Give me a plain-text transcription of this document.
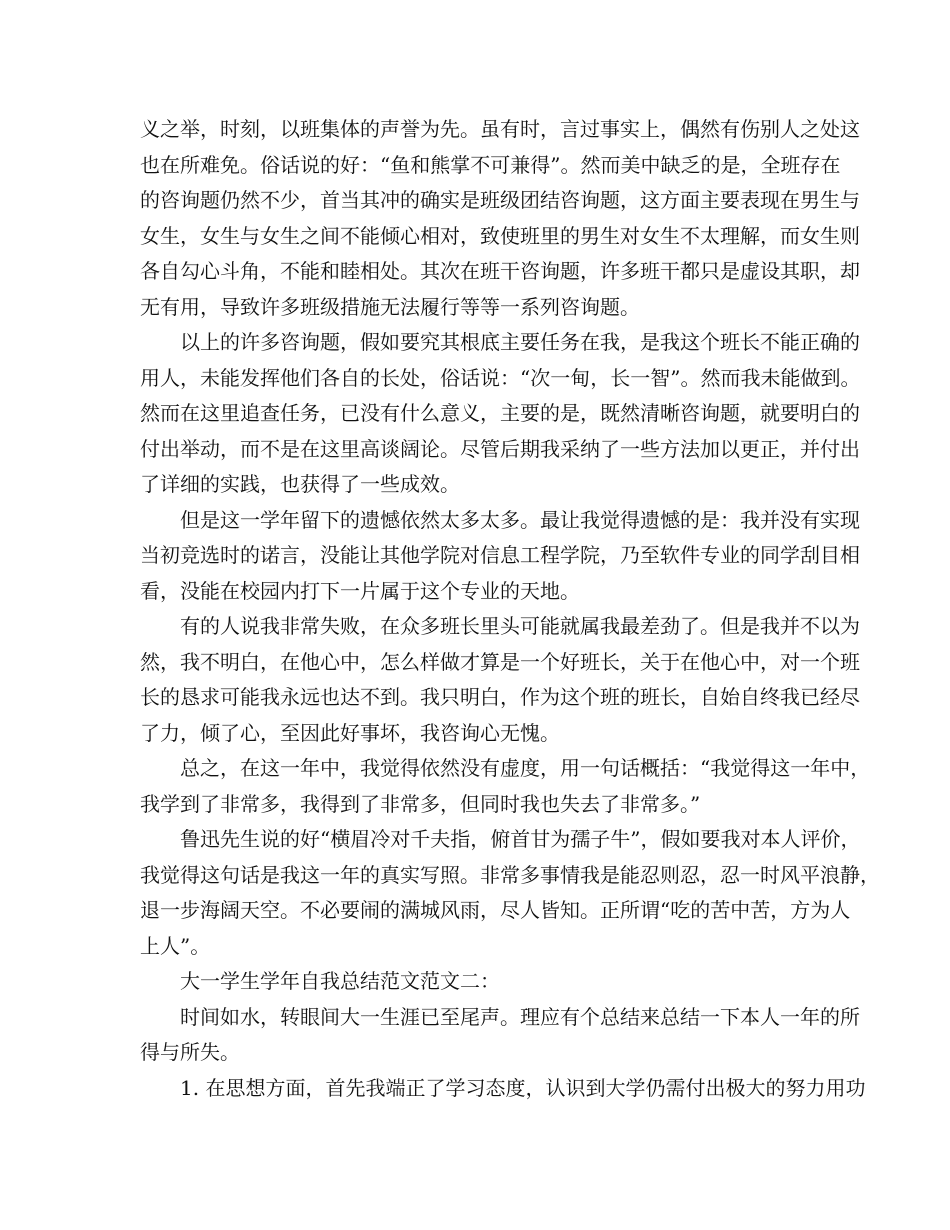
义之举，时刻，以班集体的声誉为先。虽有时，言过事实上，偶然有伤别人之处这
也在所难免。俗话说的好：“鱼和熊掌不可兼得”。然而美中缺乏的是，全班存在
的咨询题仍然不少，首当其冲的确实是班级团结咨询题，这方面主要表现在男生与
女生，女生与女生之间不能倾心相对，致使班里的男生对女生不太理解，而女生则
各自勾心斗角，不能和睦相处。其次在班干咨询题，许多班干都只是虚设其职，却
无有用，导致许多班级措施无法履行等等一系列咨询题。

以上的许多咨询题，假如要究其根底主要任务在我，是我这个班长不能正确的
用人，未能发挥他们各自的长处，俗话说：“次一甸，长一智”。然而我未能做到。
然而在这里追查任务，已没有什么意义，主要的是，既然清晰咨询题，就要明白的
付出举动，而不是在这里高谈阔论。尽管后期我采纳了一些方法加以更正，并付出
了详细的实践，也获得了一些成效。

但是这一学年留下的遗憾依然太多太多。最让我觉得遗憾的是：我并没有实现
当初竞选时的诺言，没能让其他学院对信息工程学院，乃至软件专业的同学刮目相
看，没能在校园内打下一片属于这个专业的天地。

有的人说我非常失败，在众多班长里头可能就属我最差劲了。但是我并不以为
然，我不明白，在他心中，怎么样做才算是一个好班长，关于在他心中，对一个班
长的恳求可能我永远也达不到。我只明白，作为这个班的班长，自始自终我已经尽
了力，倾了心，至因此好事坏，我咨询心无愧。

总之，在这一年中，我觉得依然没有虚度，用一句话概括：“我觉得这一年中，
我学到了非常多，我得到了非常多，但同时我也失去了非常多。”

鲁迅先生说的好“横眉冷对千夫指，俯首甘为孺子牛”，假如要我对本人评价，
我觉得这句话是我这一年的真实写照。非常多事情我是能忍则忍，忍一时风平浪静，
退一步海阔天空。不必要闹的满城风雨，尽人皆知。正所谓“吃的苦中苦，方为人
上人”。

大一学生学年自我总结范文范文二：

时间如水，转眼间大一生涯已至尾声。理应有个总结来总结一下本人一年的所
得与所失。

1. 在思想方面，首先我端正了学习态度，认识到大学仍需付出极大的努力用功
